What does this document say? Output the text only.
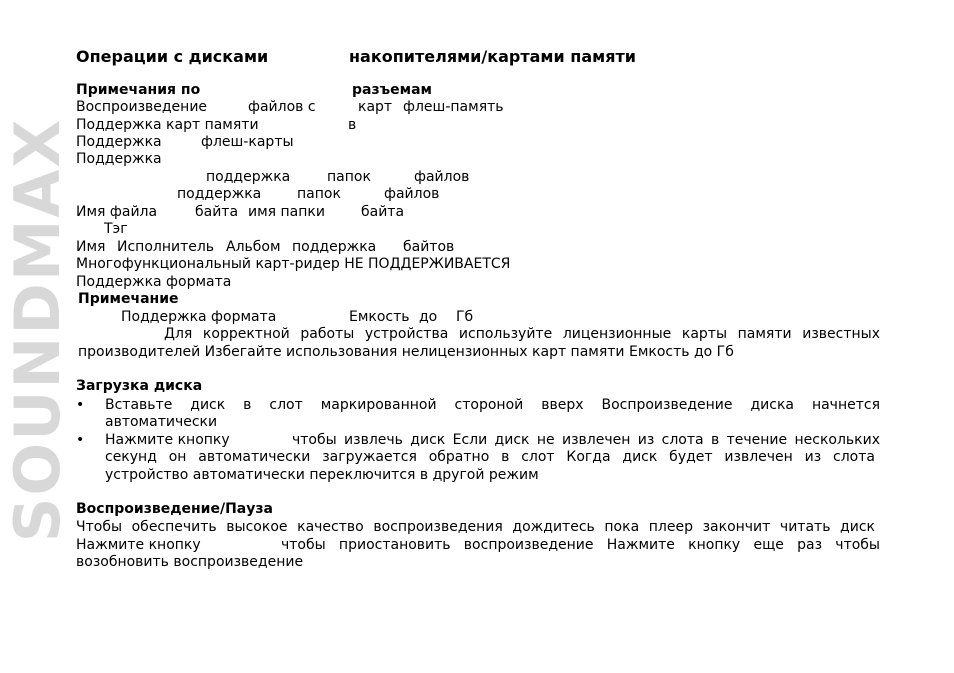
SOUNDMAX
Операции с дисками	накопителями/картами памяти
Примечания по	разъемам
Воспроизведение	файлов с	карт флеш-память
Поддержка карт памяти	в
Поддержка	флеш-карты
Поддержка
поддержка	папок	файлов
поддержка	папок	файлов
Имя файла	байта имя папки	байта
Тэг
Имя Исполнитель Альбом поддержка байтов
Многофункциональный карт-ридер НЕ ПОДДЕРЖИВАЕТСЯ
Поддержка формата
Примечание
Поддержка формата	Емкость до Гб
Для корректной работы устройства используйте лицензионные карты памяти известных
производителей Избегайте использования нелицензионных карт памяти Емкость до Гб
Загрузка диска
• Вставьте диск в слот маркированной стороной вверх Воспроизведение диска начнется
автоматически
• Нажмите кнопку	чтобы извлечь диск Если диск не извлечен из слота в течение нескольких
секунд он автоматически загружается обратно в слот Когда диск будет извлечен из слота
устройство автоматически переключится в другой режим
Воспроизведение/Пауза
Чтобы обеспечить высокое качество воспроизведения дождитесь пока плеер закончит читать диск
Нажмите кнопку	чтобы приостановить воспроизведение Нажмите кнопку еще раз чтобы
возобновить воспроизведение
